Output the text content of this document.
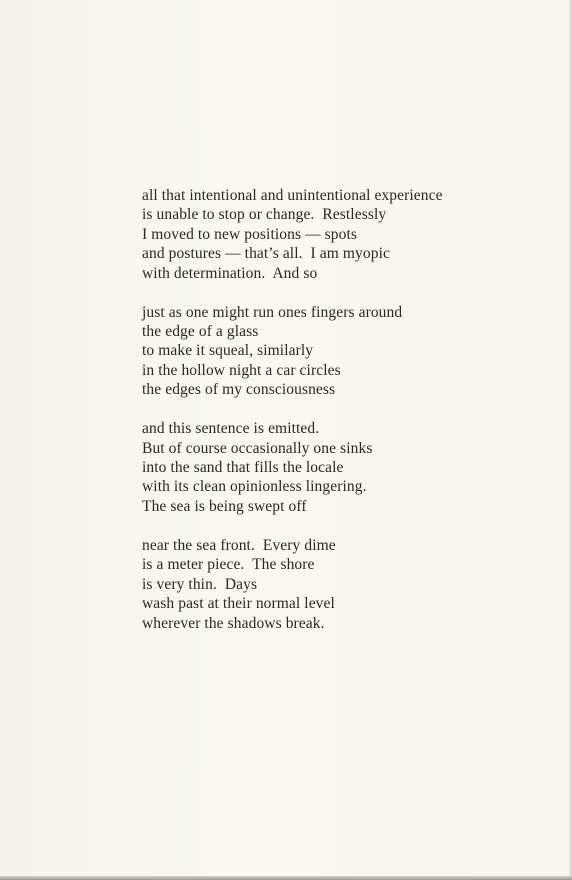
all that intentional and unintentional experience
is unable to stop or change.  Restlessly
I moved to new positions — spots
and postures — that’s all.  I am myopic
with determination.  And so
just as one might run ones fingers around
the edge of a glass
to make it squeal, similarly
in the hollow night a car circles
the edges of my consciousness
and this sentence is emitted.
But of course occasionally one sinks
into the sand that fills the locale
with its clean opinionless lingering.
The sea is being swept off
near the sea front.  Every dime
is a meter piece.  The shore
is very thin.  Days
wash past at their normal level
wherever the shadows break.
